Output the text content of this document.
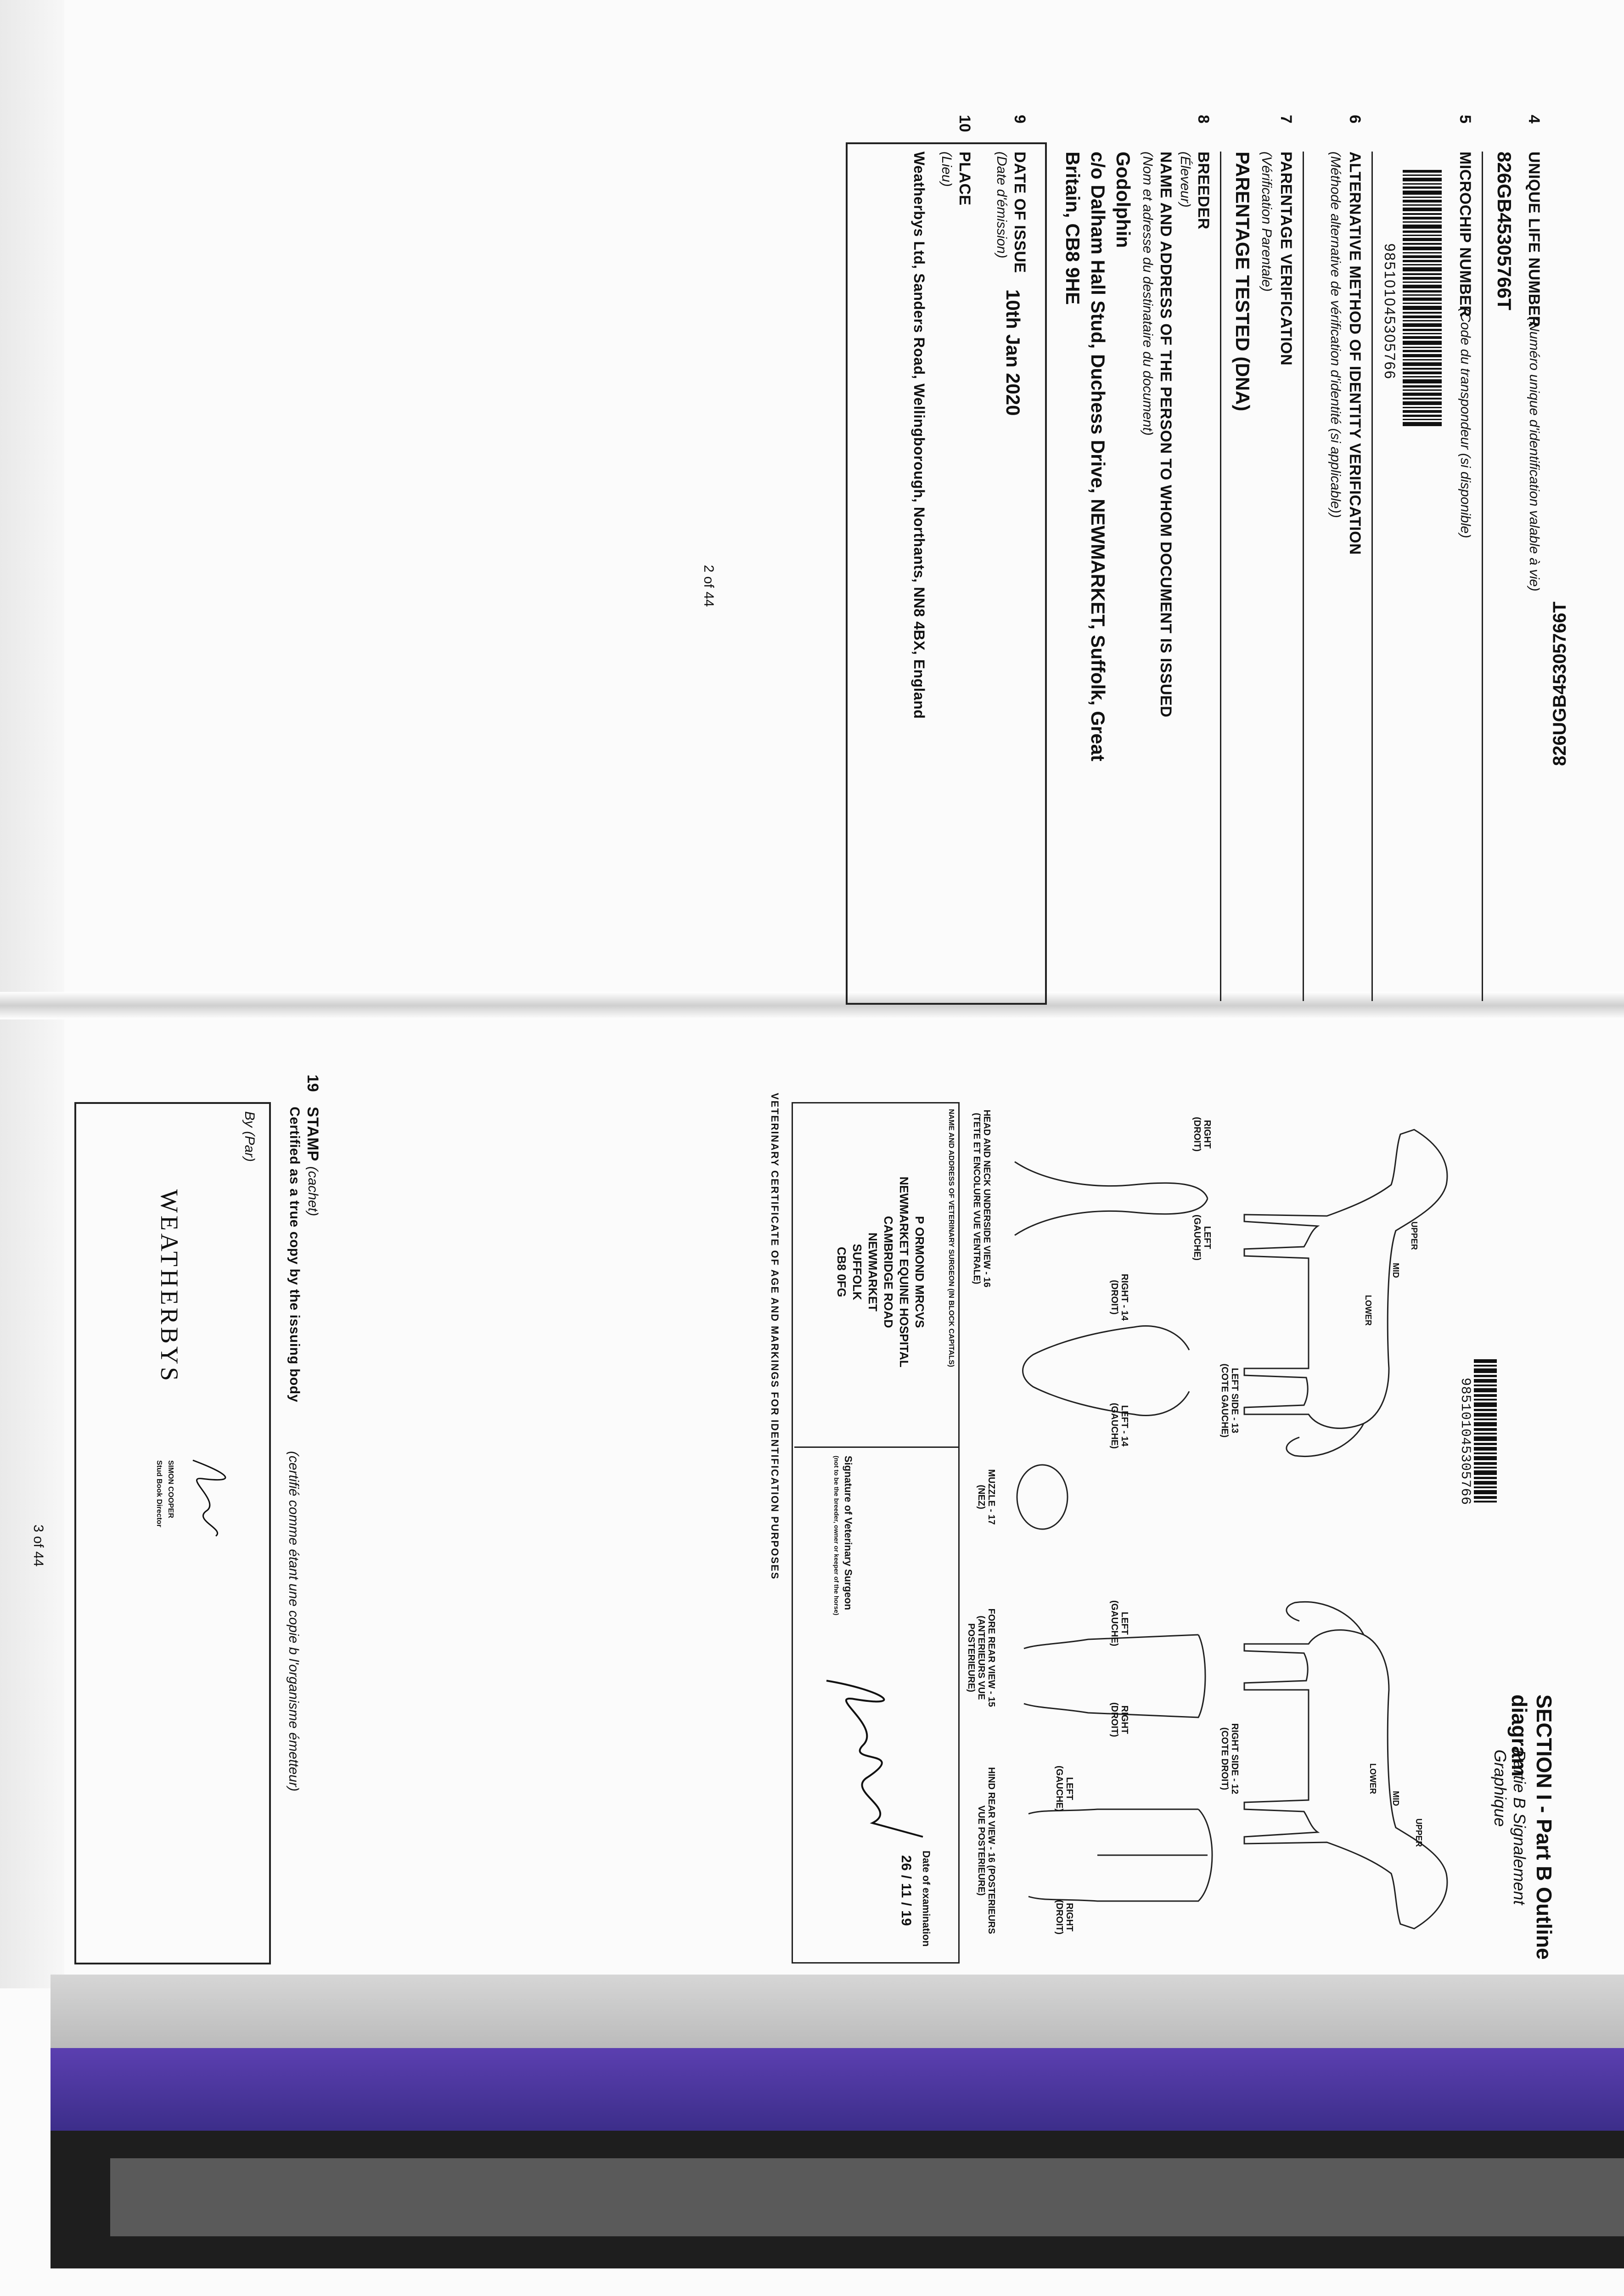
826UGB45305766T
4
UNIQUE LIFE NUMBER
(Numéro unique d'identification valable à vie)
826GB45305766T
5
MICROCHIP NUMBER
(Code du transpondeur (si disponible)
985101045305766
6
ALTERNATIVE METHOD OF IDENTITY VERIFICATION
(Méthode alternative de vérification d'identité (si applicable))
7
PARENTAGE VERIFICATION
(Vérification Parentale)
PARENTAGE TESTED (DNA)
8
BREEDER
(Éleveur)
NAME AND ADDRESS OF THE PERSON TO WHOM DOCUMENT IS ISSUED
(Nom et adresse du destinataire du document)
Godolphin
c/o Dalham Hall Stud, Duchess Drive, NEWMARKET, Suffolk, Great
Britain, CB8 9HE
9
DATE OF ISSUE
(Date d'émission)
10th Jan 2020
10
PLACE
(Lieu)
Weatherbys Ltd, Sanders Road, Wellingborough, Northants, NN8 4BX, England
2 of 44
SECTION I - Part B Outline diagram
Partie B Signalement Graphique
985101045305766
UPPER
MID
LOWER
UPPER
MID
LOWER
LEFT SIDE - 13
(COTE GAUCHE)
RIGHT SIDE - 12
(COTE DROIT)
RIGHT
(DROIT)
LEFT
(GAUCHE)
RIGHT - 14
(DROIT)
LEFT - 14
(GAUCHE)
LEFT
(GAUCHE)
RIGHT
(DROIT)
LEFT
(GAUCHE)
RIGHT
(DROIT)
HEAD AND NECK UNDERSIDE VIEW - 16
(TETE ET ENCOLURE VUE VENTRALE)
MUZZLE - 17
(NEZ)
FORE REAR VIEW - 15
(ANTERIEURS VUE POSTERIEURE)
HIND REAR VIEW - 16 (POSTERIEURS
VUE POSTERIEURE)
NAME AND ADDRESS OF VETERINARY SURGEON (IN BLOCK CAPITALS)
P ORMOND MRCVS
NEWMARKET EQUINE HOSPITAL
CAMBRIDGE ROAD
NEWMARKET
SUFFOLK
CB8 0FG
Signature of Veterinary Surgeon
(not to be the breeder, owner or keeper of the horse)
Date of examination
26 / 11 / 19
VETERINARY CERTIFICATE OF AGE AND MARKINGS FOR IDENTIFICATION PURPOSES
19
STAMP
(cachet)
Certified as a true copy by the issuing body
(certifié comme étant une copie b l'organisme émetteur)
By (Par)
WEATHERBYS
SIMON COOPER
Stud Book Director
3 of 44
